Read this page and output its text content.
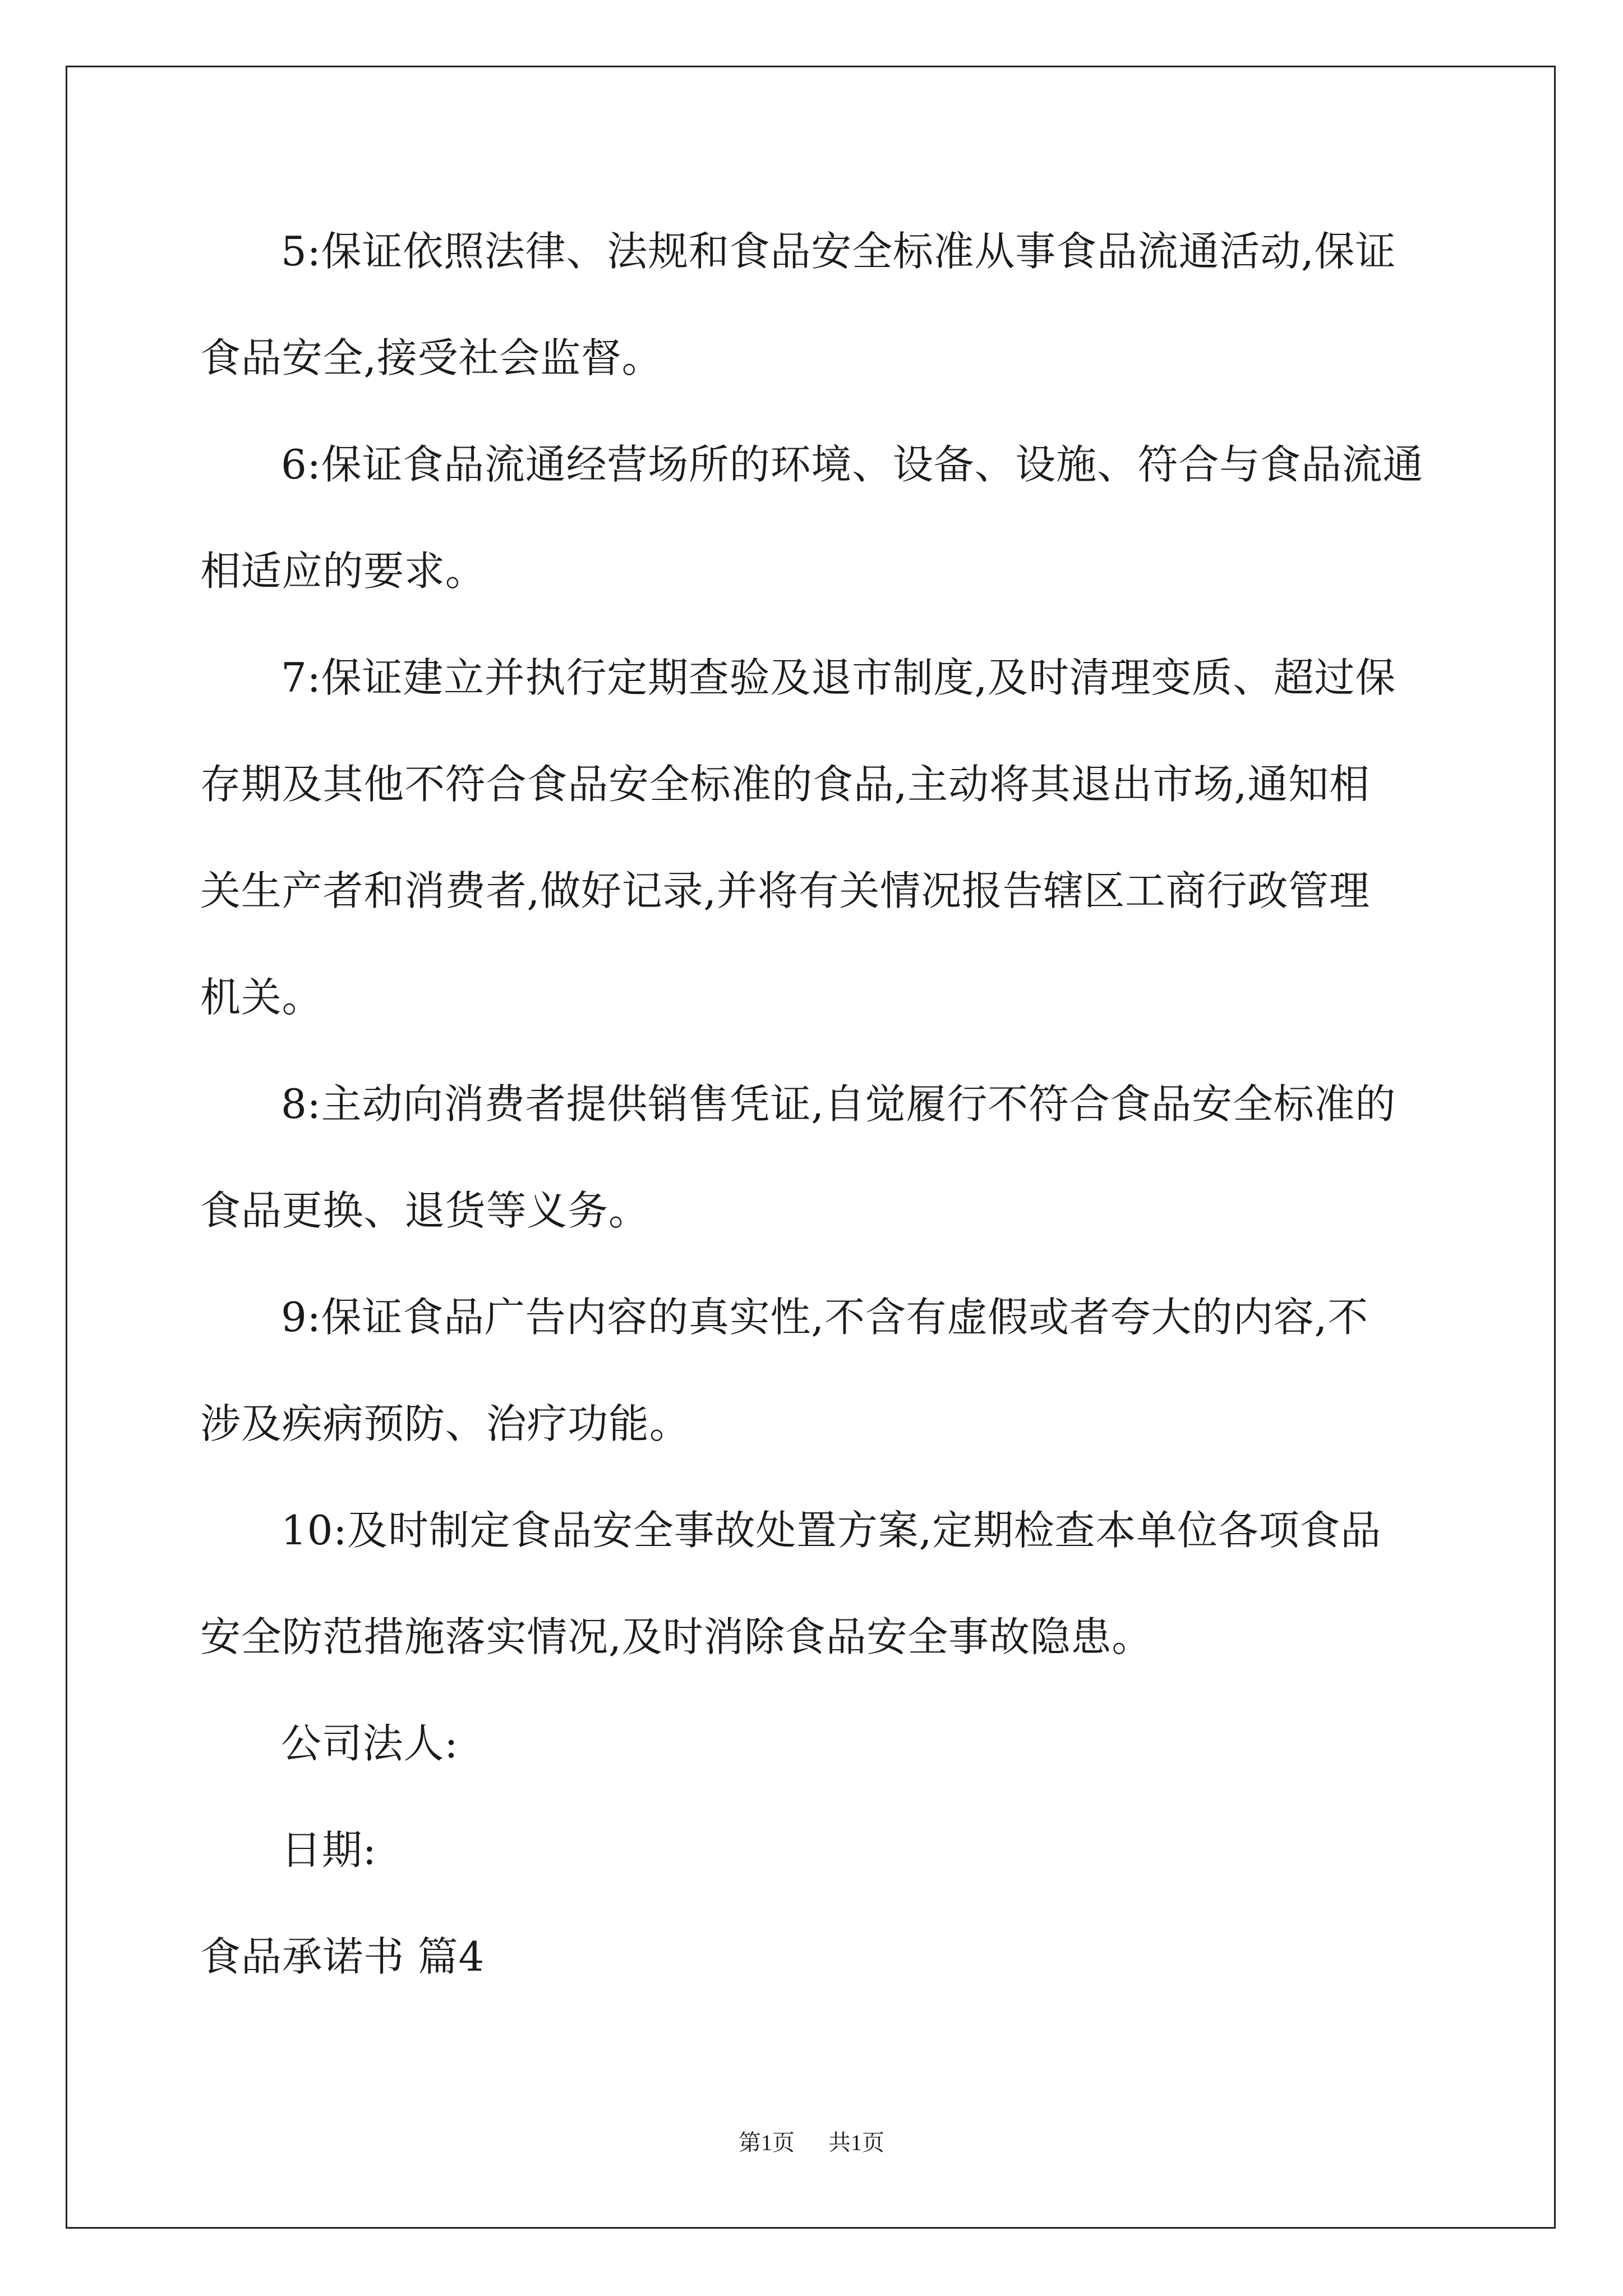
5:保证依照法律、法规和食品安全标准从事食品流通活动,保证
食品安全,接受社会监督。
6:保证食品流通经营场所的环境、设备、设施、符合与食品流通
相适应的要求。
7:保证建立并执行定期查验及退市制度,及时清理变质、超过保
存期及其他不符合食品安全标准的食品,主动将其退出市场,通知相
关生产者和消费者,做好记录,并将有关情况报告辖区工商行政管理
机关。
8:主动向消费者提供销售凭证,自觉履行不符合食品安全标准的
食品更换、退货等义务。
9:保证食品广告内容的真实性,不含有虚假或者夸大的内容,不
涉及疾病预防、治疗功能。
10:及时制定食品安全事故处置方案,定期检查本单位各项食品
安全防范措施落实情况,及时消除食品安全事故隐患。
公司法人:
日期:
食品承诺书 篇4
第1页 共1页
